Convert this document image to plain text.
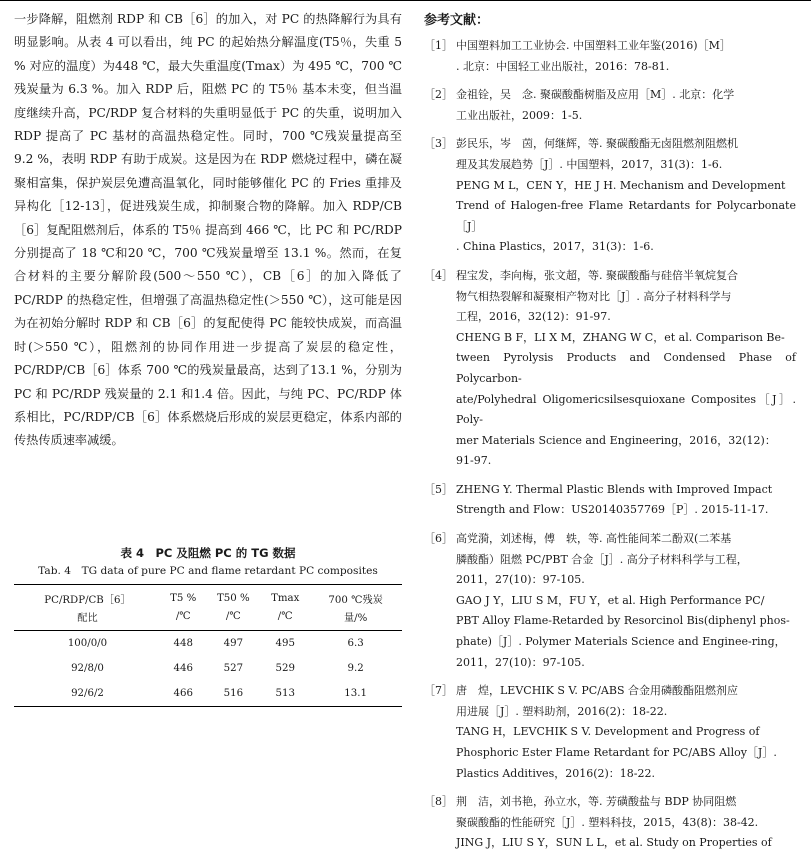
一步降解，阻燃剂 RDP 和 CB［6］的加入，对 PC 的热降解行为具有明显影响。从表 4 可以看出，纯 PC 的起始热分解温度(T5％，失重 5 % 对应的温度）为448 ℃，最大失重温度(Tmax）为 495 ℃，700 ℃残炭量为 6.3 %。加入 RDP 后，阻燃 PC 的 T5％ 基本未变，但当温度继续升高，PC/RDP 复合材料的失重明显低于 PC 的失重，说明加入 RDP 提高了 PC 基材的高温热稳定性。同时，700 ℃残炭量提高至 9.2 %，表明 RDP 有助于成炭。这是因为在 RDP 燃烧过程中，磷在凝聚相富集，保护炭层免遭高温氧化，同时能够催化 PC 的 Fries 重排及异构化［12-13］，促进残炭生成，抑制聚合物的降解。加入 RDP/CB［6］复配阻燃剂后，体系的 T5％ 提高到 466 ℃，比 PC 和 PC/RDP 分别提高了 18 ℃和20 ℃，700 ℃残炭量增至 13.1 %。然而，在复合材料的主要分解阶段(500～550 ℃），CB［6］的加入降低了 PC/RDP 的热稳定性，但增强了高温热稳定性(＞550 ℃），这可能是因为在初始分解时 RDP 和 CB［6］的复配使得 PC 能较快成炭，而高温时(＞550 ℃），阻燃剂的协同作用进一步提高了炭层的稳定性，PC/RDP/CB［6］体系 700 ℃的残炭量最高，达到了13.1 %，分别为 PC 和 PC/RDP 残炭量的 2.1 和1.4 倍。因此，与纯 PC、PC/RDP 体系相比，PC/RDP/CB［6］体系燃烧后形成的炭层更稳定，体系内部的传热传质速率减缓。

表 4　PC 及阻燃 PC 的 TG 数据
Tab. 4　TG data of pure PC and flame retardant PC composites
PC/RDP/CB［6］	T5 %	T50 %	Tmax	700 ℃残炭
配比	/℃	/℃	/℃	量/%
100/0/0	448	497	495	6.3
92/8/0	446	527	529	9.2
92/6/2	466	516	513	13.1
参考文献：
［1］ 中国塑料加工工业协会. 中国塑料工业年鉴(2016)［M］
. 北京：中国轻工业出版社，2016：78-81.
［2］ 金祖铨，吴　念. 聚碳酸酯树脂及应用［M］. 北京：化学
工业出版社，2009：1-5.
［3］ 彭民乐，岑　茵，何继辉，等. 聚碳酸酯无卤阻燃剂阻燃机
理及其发展趋势［J］. 中国塑料，2017，31(3)：1-6.
PENG M L，CEN Y，HE J H. Mechanism and Development
Trend of Halogen-free Flame Retardants for Polycarbonate［J］
. China Plastics，2017，31(3)：1-6.
［4］ 程宝发，李向梅，张文超，等. 聚碳酸酯与硅倍半氧烷复合
物气相热裂解和凝聚相产物对比［J］. 高分子材料科学与
工程，2016，32(12)：91-97.
CHENG B F，LI X M，ZHANG W C，et al. Comparison Be-
tween Pyrolysis Products and Condensed Phase of Polycarbon-
ate/Polyhedral Oligomericsilsesquioxane Composites［J］. Poly-
mer Materials Science and Engineering，2016，32(12)：
91-97.
［5］ ZHENG Y. Thermal Plastic Blends with Improved Impact
Strength and Flow：US20140357769［P］. 2015-11-17.
［6］ 高党漪，刘述梅，傅　轶，等. 高性能间苯二酚双(二苯基
膦酸酯）阻燃 PC/PBT 合金［J］. 高分子材料科学与工程，
2011，27(10)：97-105.
GAO J Y，LIU S M，FU Y，et al. High Performance PC/
PBT Alloy Flame-Retarded by Resorcinol Bis(diphenyl phos-
phate)［J］. Polymer Materials Science and Enginee-ring，
2011，27(10)：97-105.
［7］ 唐　煌，LEVCHIK S V. PC/ABS 合金用磷酸酯阻燃剂应
用进展［J］. 塑料助剂，2016(2)：18-22.
TANG H，LEVCHIK S V. Development and Progress of
Phosphoric Ester Flame Retardant for PC/ABS Alloy［J］.
Plastics Additives，2016(2)：18-22.
［8］ 荆　洁，刘书艳，孙立水，等. 芳磺酸盐与 BDP 协同阻燃
聚碳酸酯的性能研究［J］. 塑料科技，2015，43(8)：38-42.
JING J，LIU S Y，SUN L L，et al. Study on Properties of
